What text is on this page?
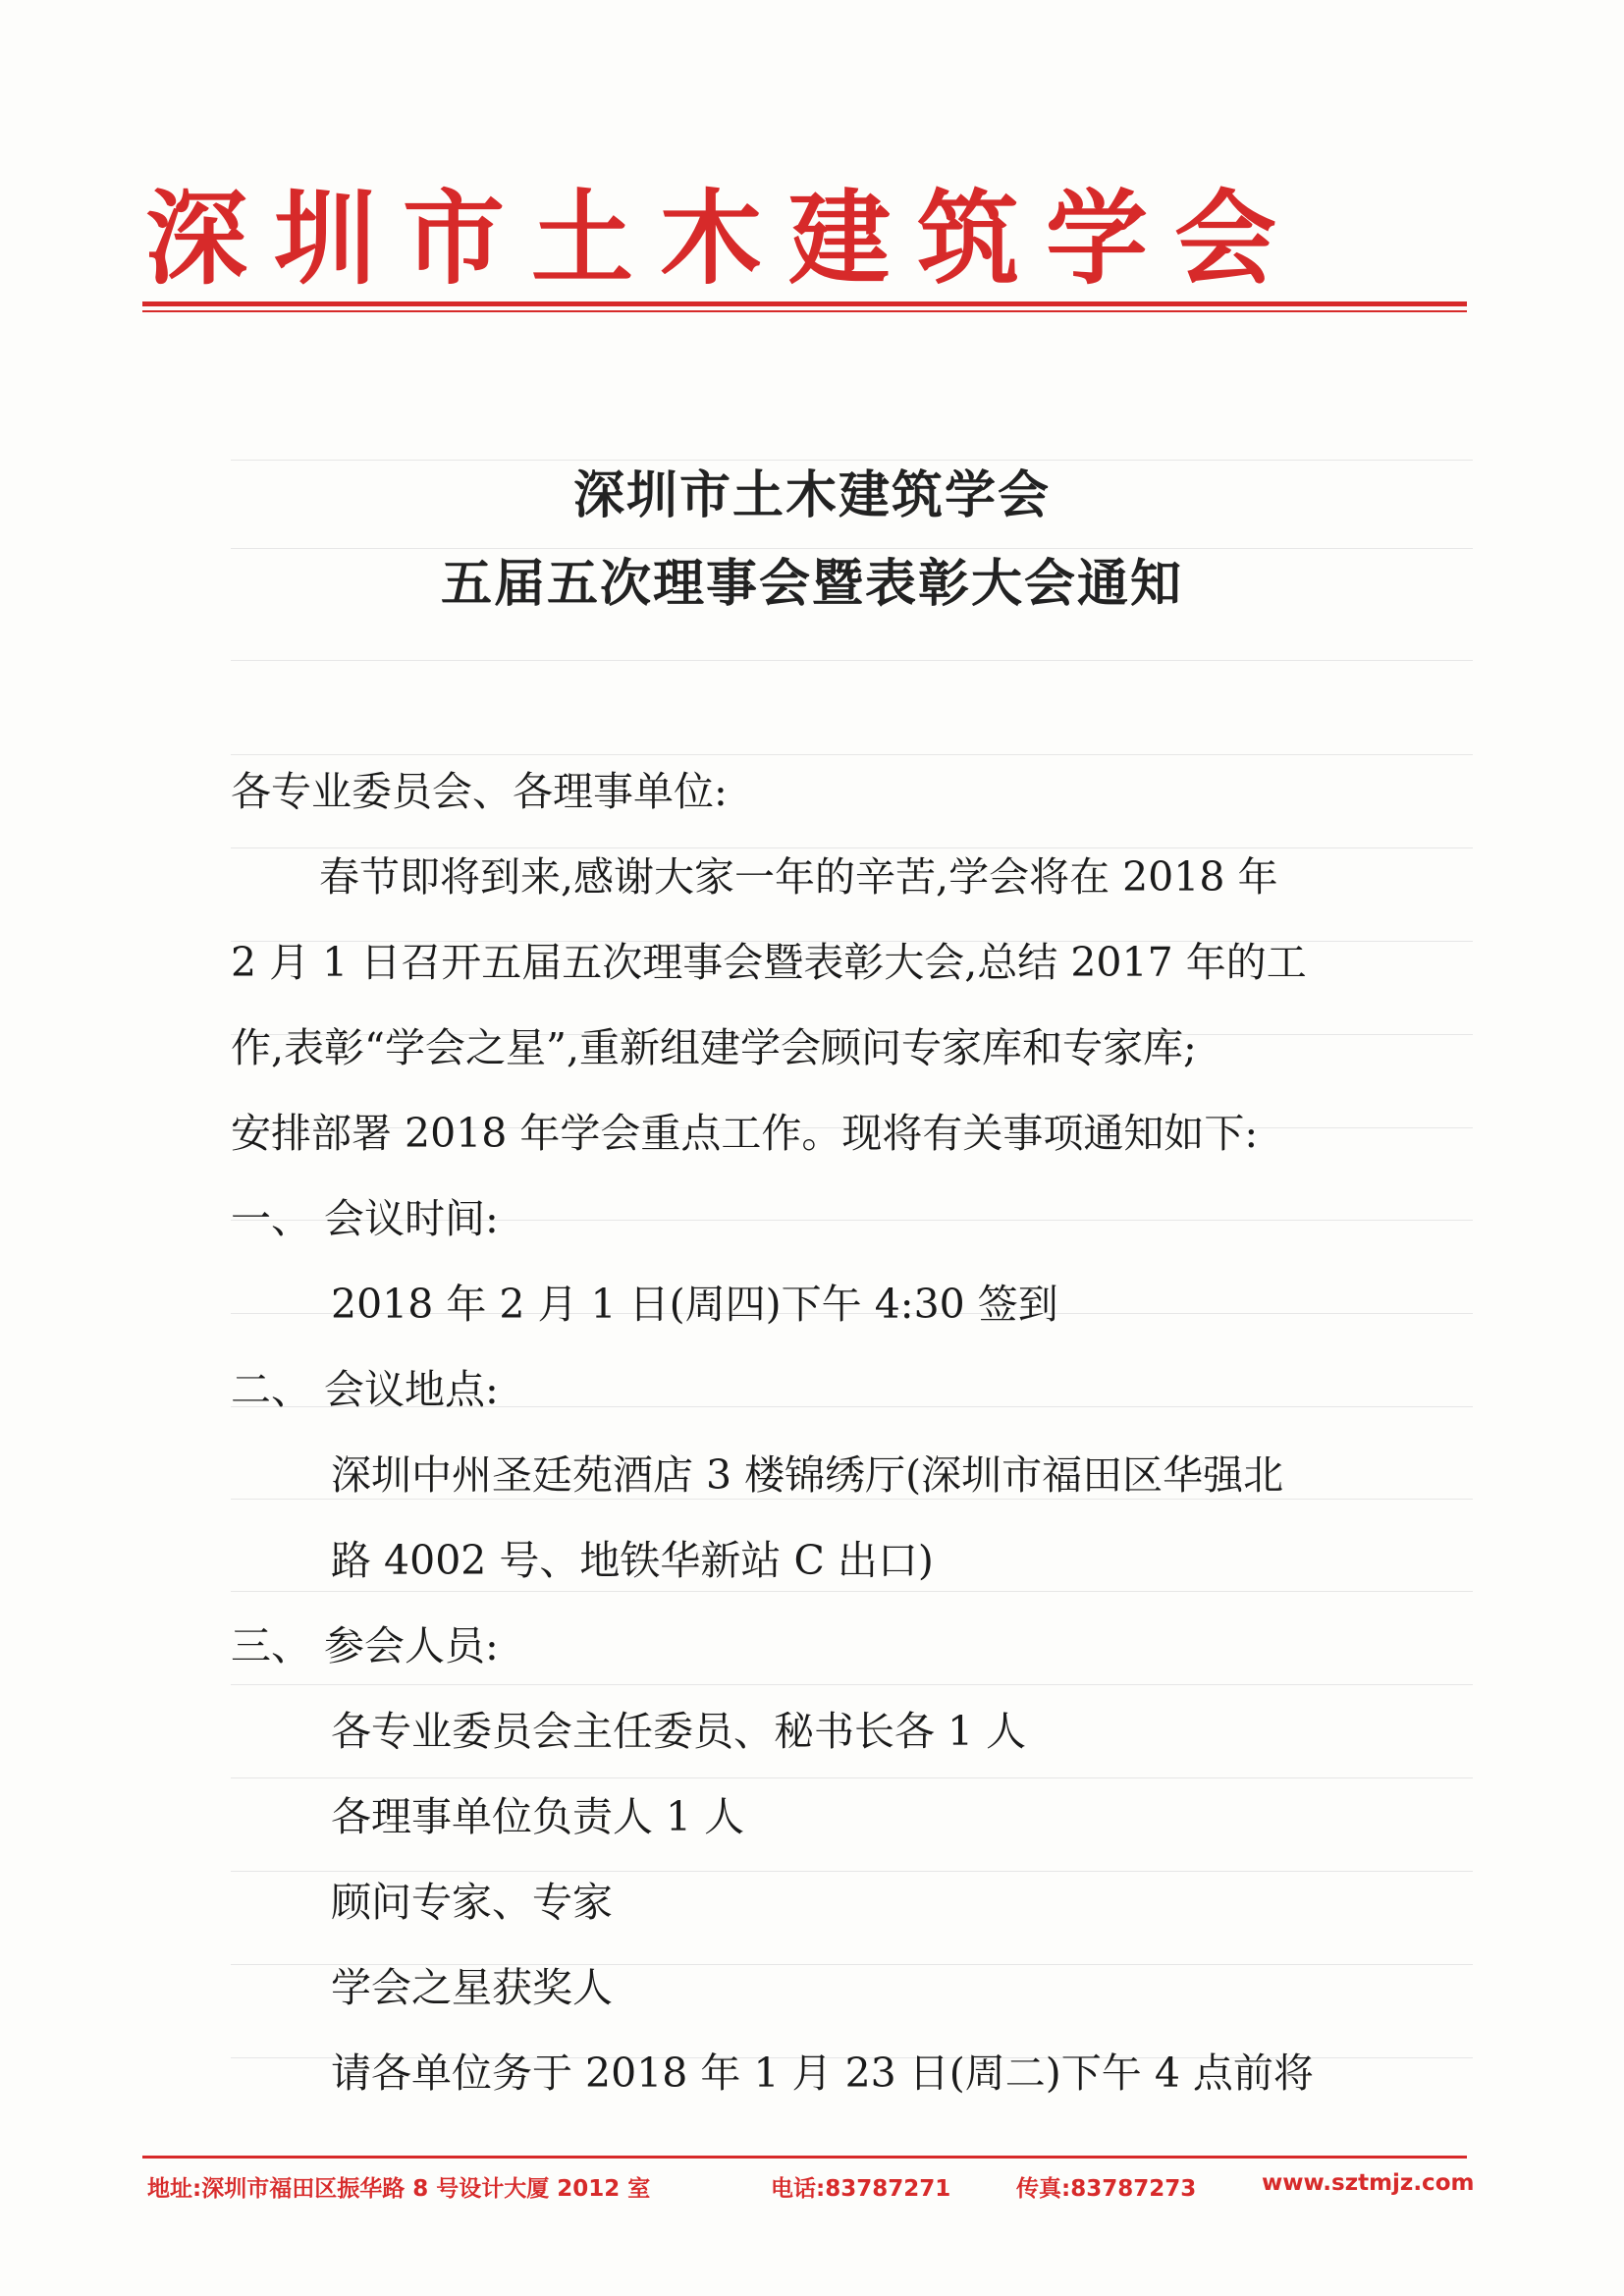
深圳市土木建筑学会
深圳市土木建筑学会
五届五次理事会暨表彰大会通知
各专业委员会、各理事单位:
春节即将到来,感谢大家一年的辛苦,学会将在 2018 年
2 月 1 日召开五届五次理事会暨表彰大会,总结 2017 年的工
作,表彰“学会之星”,重新组建学会顾问专家库和专家库;
安排部署 2018 年学会重点工作。现将有关事项通知如下:
一、 会议时间:
2018 年 2 月 1 日(周四)下午 4:30 签到
二、 会议地点:
深圳中州圣廷苑酒店 3 楼锦绣厅(深圳市福田区华强北
路 4002 号、地铁华新站 C 出口)
三、 参会人员:
各专业委员会主任委员、秘书长各 1 人
各理事单位负责人 1 人
顾问专家、专家
学会之星获奖人
请各单位务于 2018 年 1 月 23 日(周二)下午 4 点前将
地址:深圳市福田区振华路 8 号设计大厦 2012 室	电话:83787271	传真:83787273	www.sztmjz.com
